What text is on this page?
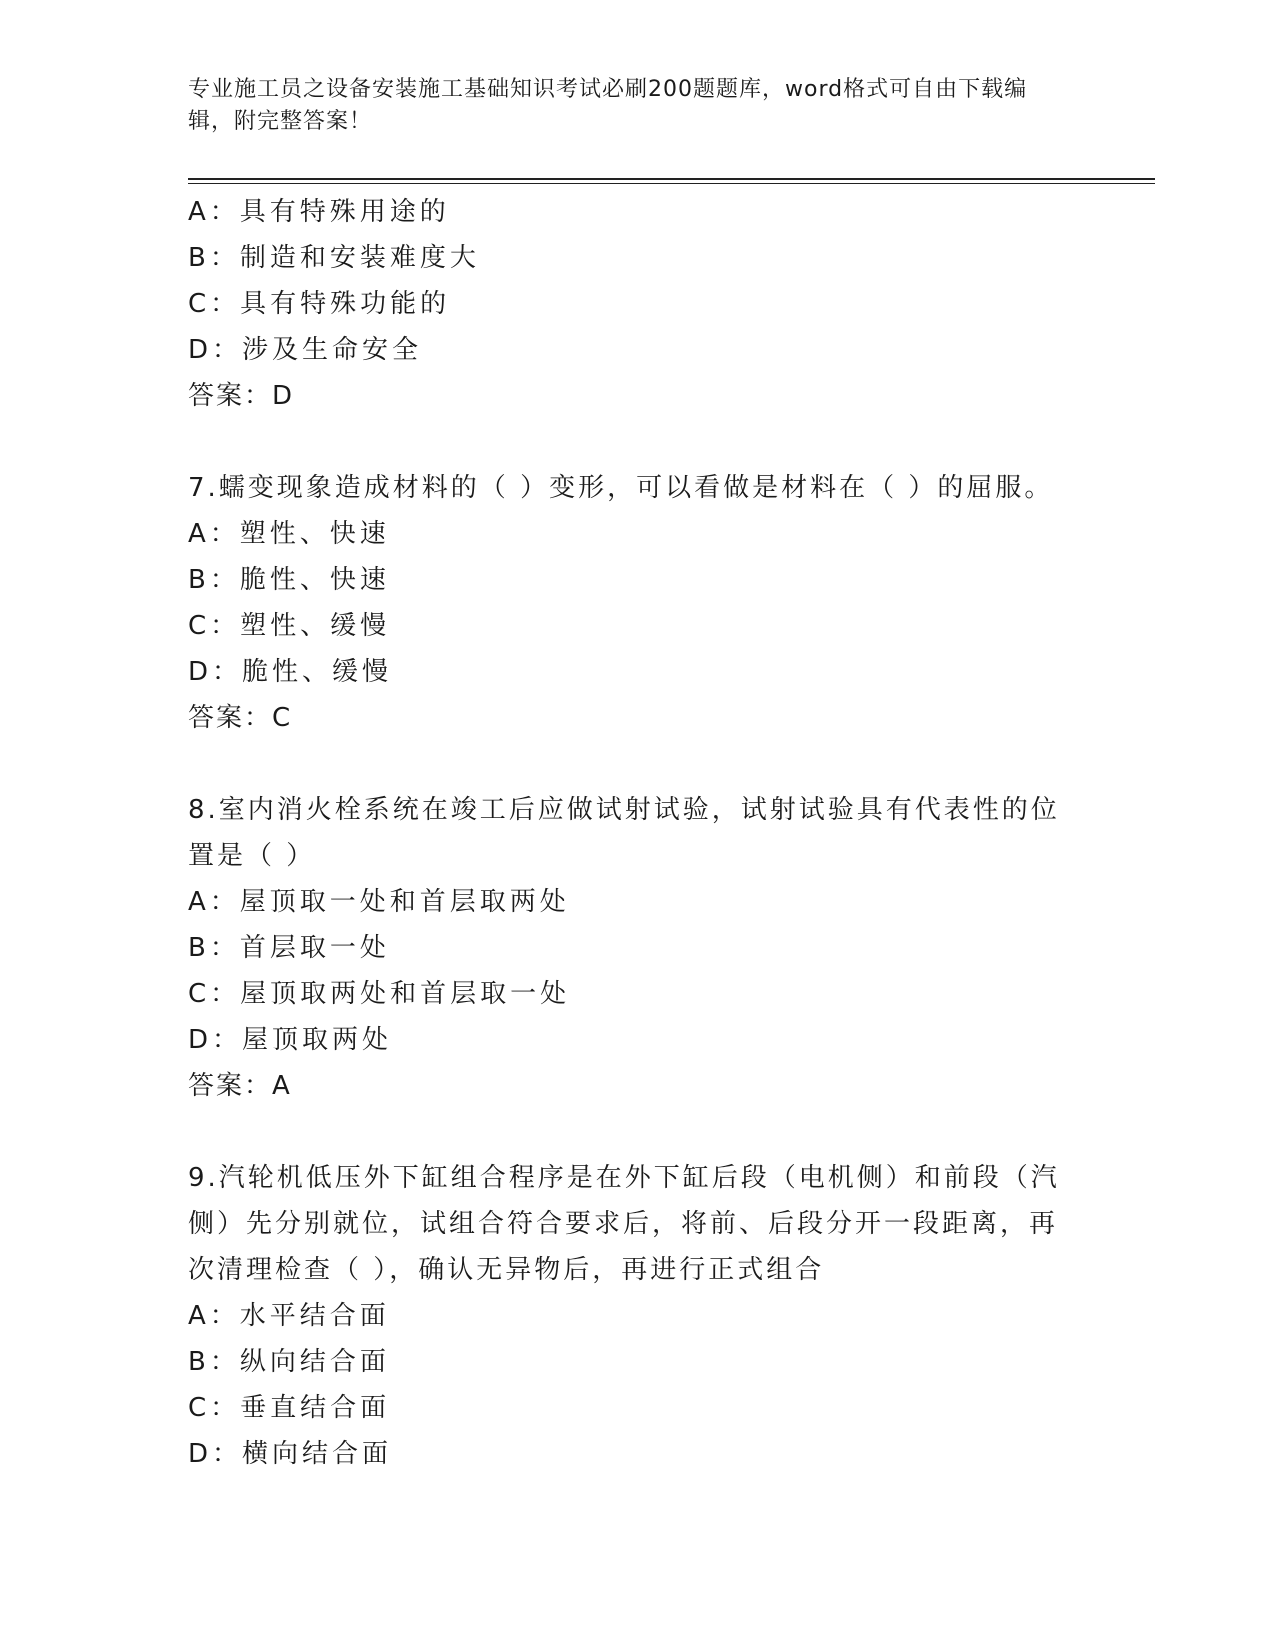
专业施工员之设备安装施工基础知识考试必刷200题题库，word格式可自由下载编辑，附完整答案！
A：具有特殊用途的
B：制造和安装难度大
C：具有特殊功能的
D：涉及生命安全
答案：D
7.蠕变现象造成材料的（ ）变形，可以看做是材料在（ ）的屈服。
A：塑性、快速
B：脆性、快速
C：塑性、缓慢
D：脆性、缓慢
答案：C
8.室内消火栓系统在竣工后应做试射试验，试射试验具有代表性的位置是（ ）
A：屋顶取一处和首层取两处
B：首层取一处
C：屋顶取两处和首层取一处
D：屋顶取两处
答案：A
9.汽轮机低压外下缸组合程序是在外下缸后段（电机侧）和前段（汽侧）先分别就位，试组合符合要求后，将前、后段分开一段距离，再次清理检查（ ），确认无异物后，再进行正式组合
A：水平结合面
B：纵向结合面
C：垂直结合面
D：横向结合面
